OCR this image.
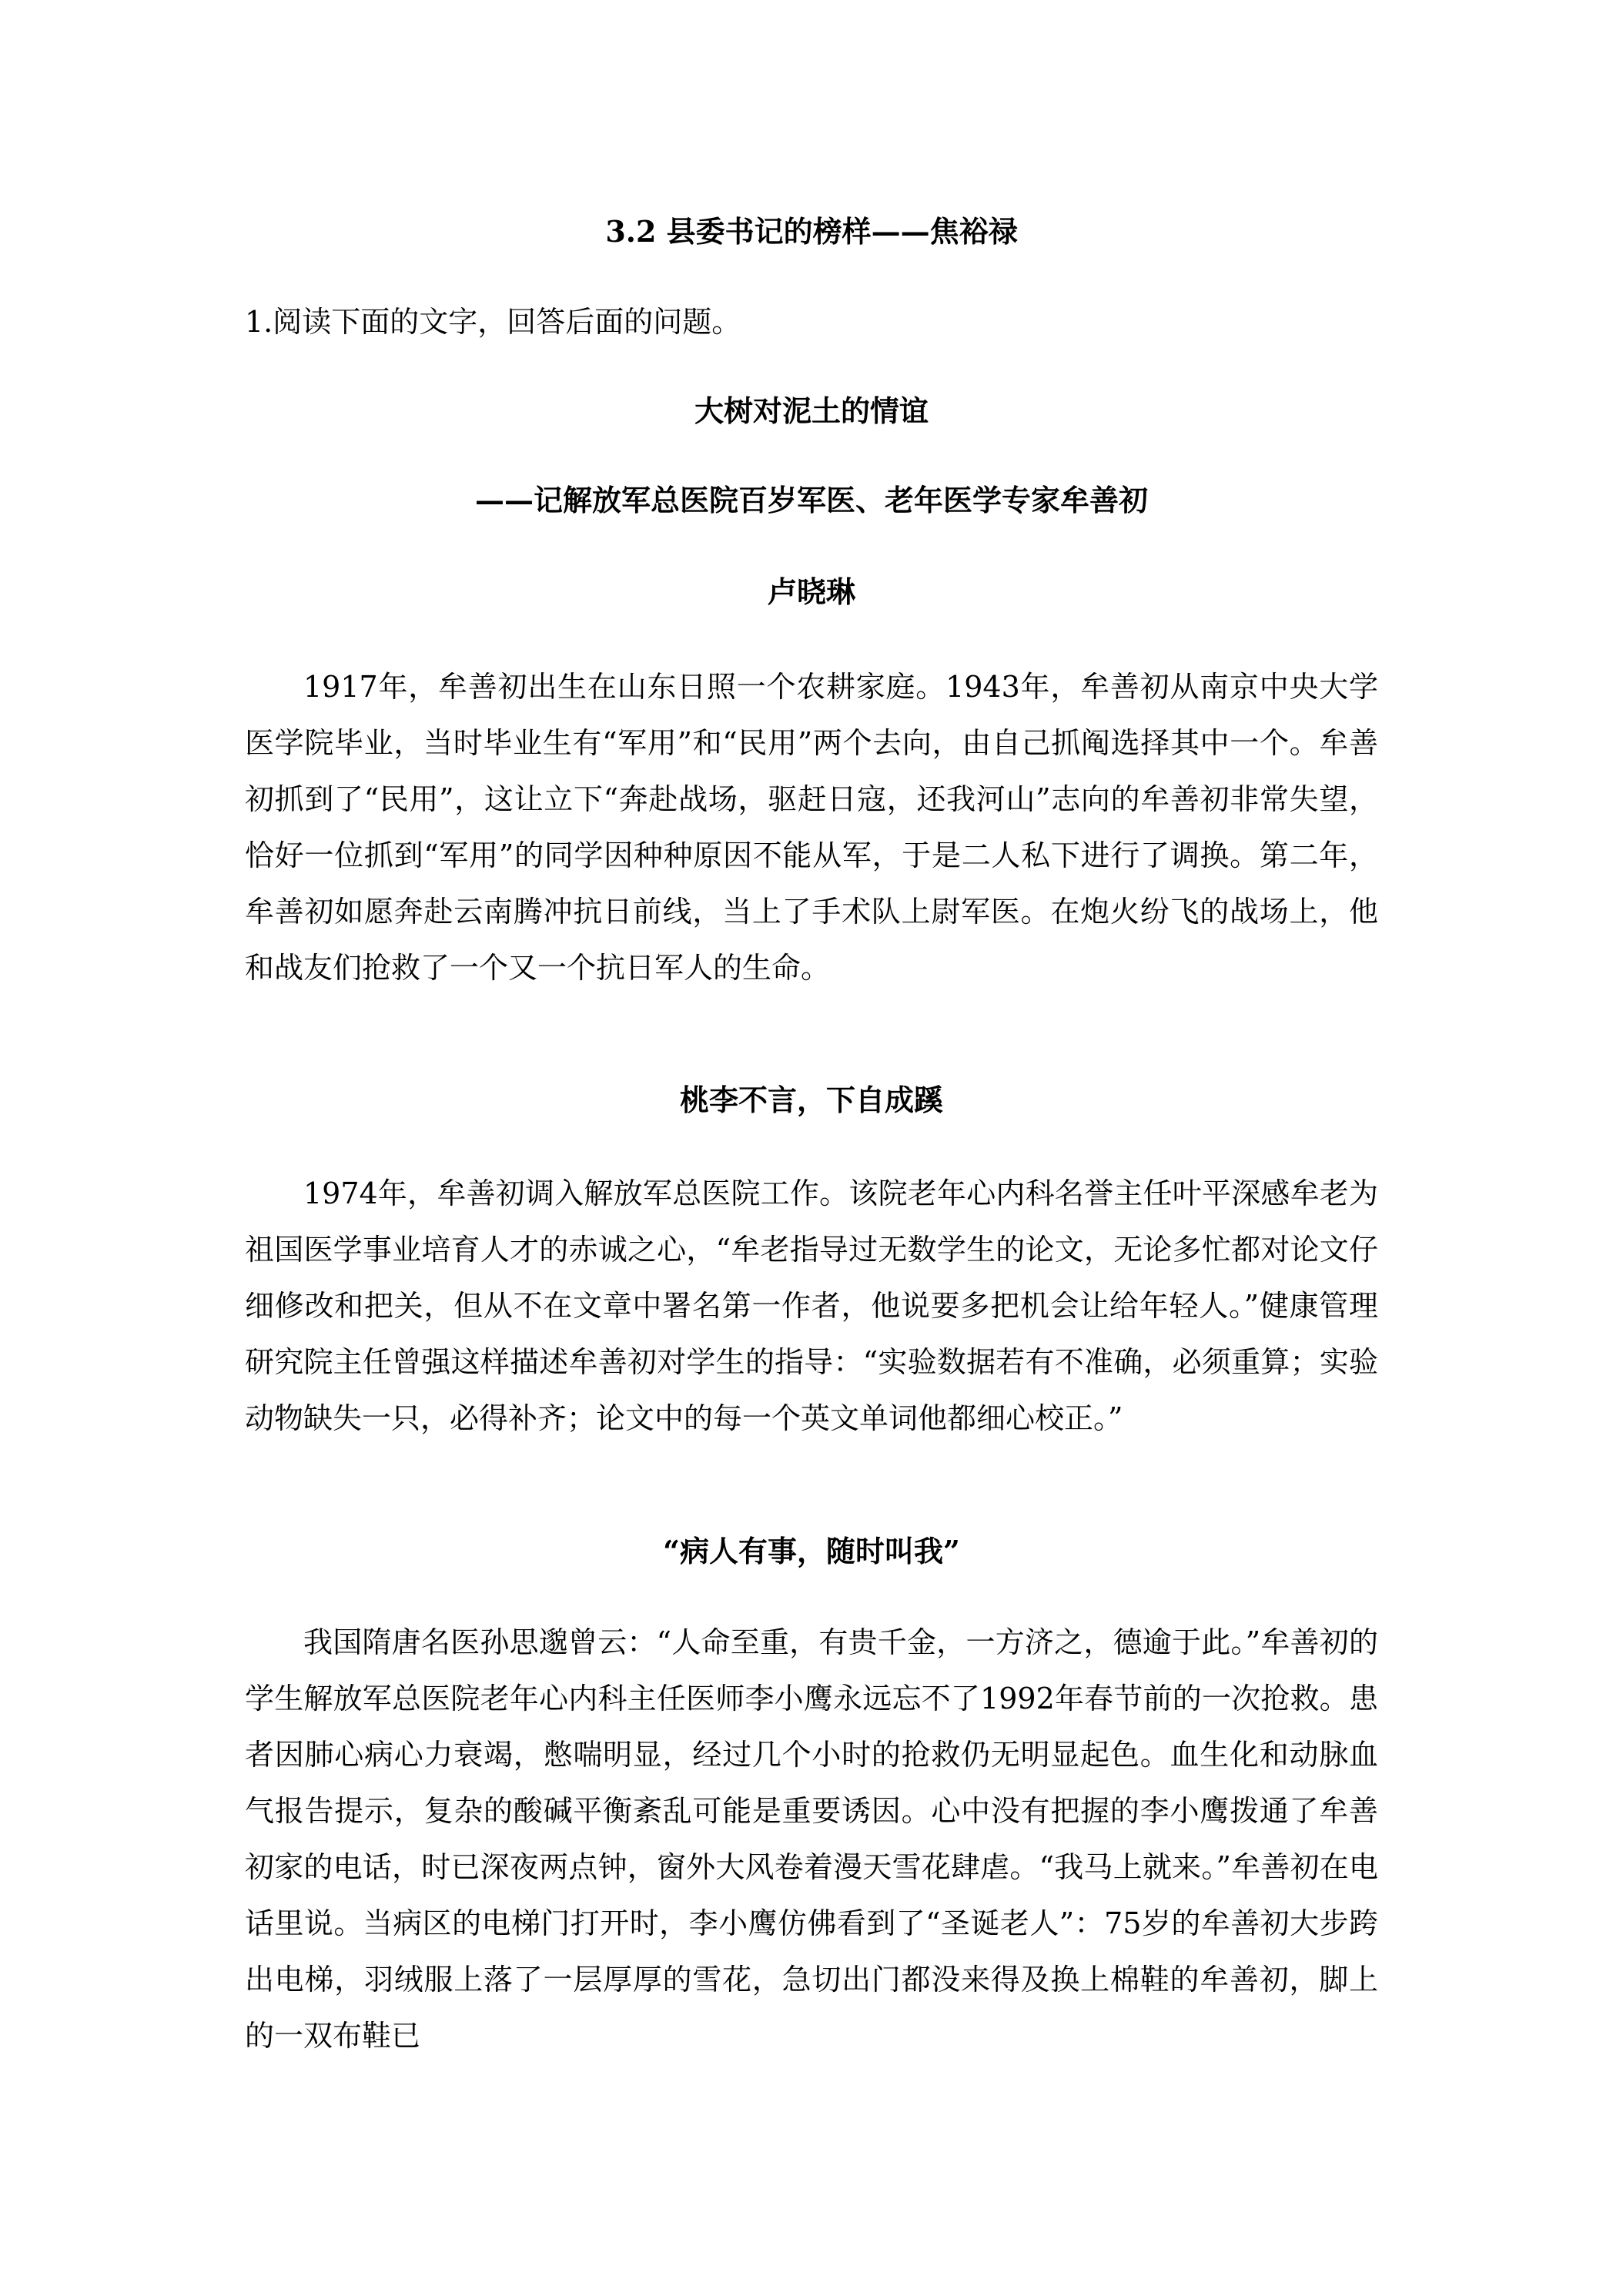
3.2 县委书记的榜样——焦裕禄
1.阅读下面的文字，回答后面的问题。
大树对泥土的情谊
——记解放军总医院百岁军医、老年医学专家牟善初
卢晓琳

1917年，牟善初出生在山东日照一个农耕家庭。1943年，牟善初从南京中央大学医学院毕业，当时毕业生有“军用”和“民用”两个去向，由自己抓阄选择其中一个。牟善初抓到了“民用”，这让立下“奔赴战场，驱赶日寇，还我河山”志向的牟善初非常失望，恰好一位抓到“军用”的同学因种种原因不能从军，于是二人私下进行了调换。第二年，牟善初如愿奔赴云南腾冲抗日前线，当上了手术队上尉军医。在炮火纷飞的战场上，他和战友们抢救了一个又一个抗日军人的生命。

桃李不言，下自成蹊

1974年，牟善初调入解放军总医院工作。该院老年心内科名誉主任叶平深感牟老为祖国医学事业培育人才的赤诚之心，“牟老指导过无数学生的论文，无论多忙都对论文仔细修改和把关，但从不在文章中署名第一作者，他说要多把机会让给年轻人。”健康管理研究院主任曾强这样描述牟善初对学生的指导：“实验数据若有不准确，必须重算；实验动物缺失一只，必得补齐；论文中的每一个英文单词他都细心校正。”

“病人有事，随时叫我”

我国隋唐名医孙思邈曾云：“人命至重，有贵千金，一方济之，德逾于此。”牟善初的学生解放军总医院老年心内科主任医师李小鹰永远忘不了1992年春节前的一次抢救。患者因肺心病心力衰竭，憋喘明显，经过几个小时的抢救仍无明显起色。血生化和动脉血气报告提示，复杂的酸碱平衡紊乱可能是重要诱因。心中没有把握的李小鹰拨通了牟善初家的电话，时已深夜两点钟，窗外大风卷着漫天雪花肆虐。“我马上就来。”牟善初在电话里说。当病区的电梯门打开时，李小鹰仿佛看到了“圣诞老人”：75岁的牟善初大步跨出电梯，羽绒服上落了一层厚厚的雪花，急切出门都没来得及换上棉鞋的牟善初，脚上的一双布鞋已
